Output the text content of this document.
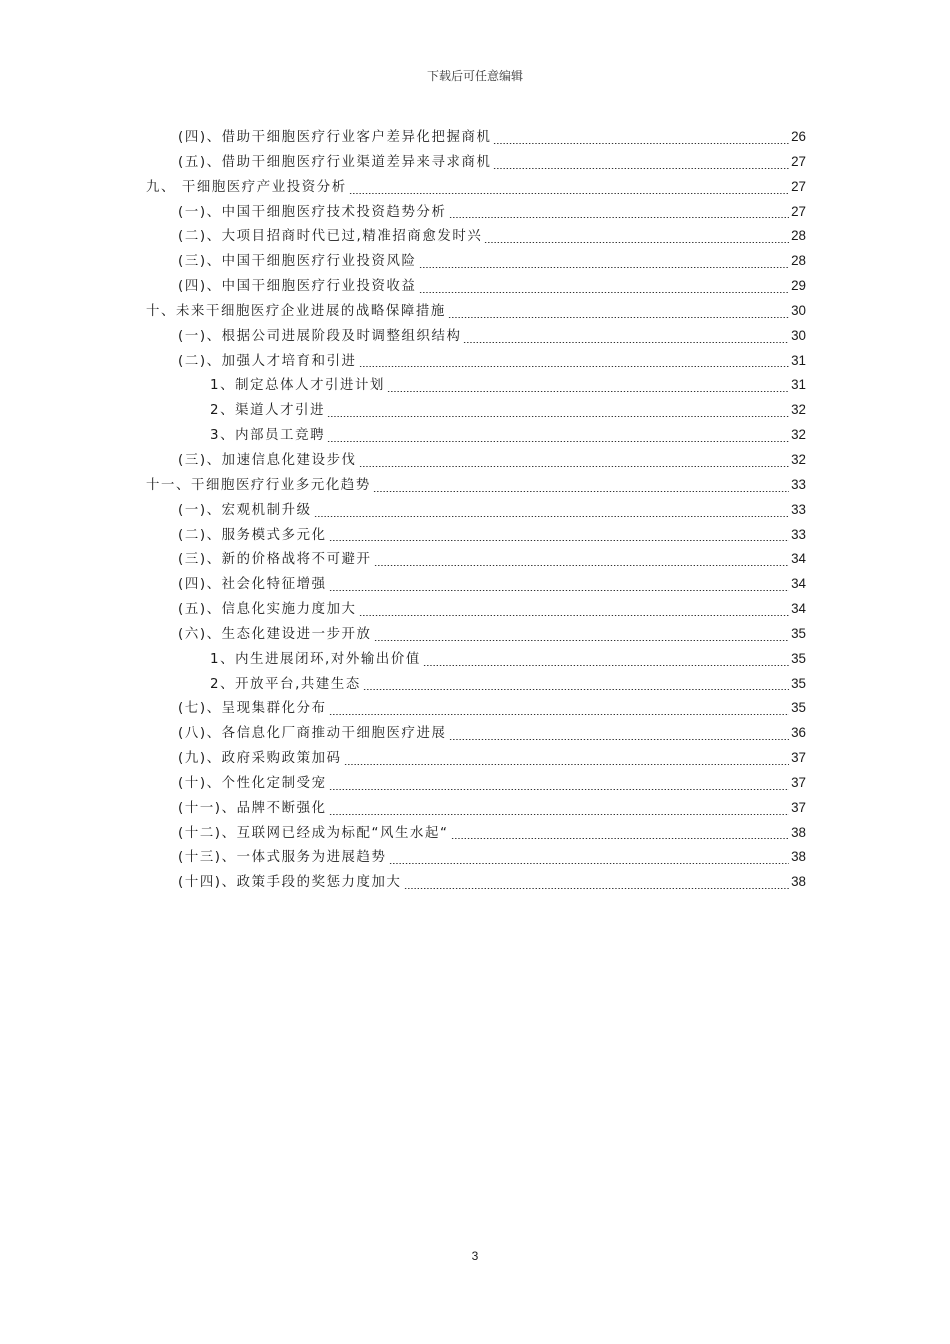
下载后可任意编辑
(四)、借助干细胞医疗行业客户差异化把握商机	26
(五)、借助干细胞医疗行业渠道差异来寻求商机	27
九、 干细胞医疗产业投资分析	27
(一)、中国干细胞医疗技术投资趋势分析	27
(二)、大项目招商时代已过,精准招商愈发时兴	28
(三)、中国干细胞医疗行业投资风险	28
(四)、中国干细胞医疗行业投资收益	29
十、未来干细胞医疗企业进展的战略保障措施	30
(一)、根据公司进展阶段及时调整组织结构	30
(二)、加强人才培育和引进	31
1、制定总体人才引进计划	31
2、渠道人才引进	32
3、内部员工竞聘	32
(三)、加速信息化建设步伐	32
十一、干细胞医疗行业多元化趋势	33
(一)、宏观机制升级	33
(二)、服务模式多元化	33
(三)、新的价格战将不可避开	34
(四)、社会化特征增强	34
(五)、信息化实施力度加大	34
(六)、生态化建设进一步开放	35
1、内生进展闭环,对外输出价值	35
2、开放平台,共建生态	35
(七)、呈现集群化分布	35
(八)、各信息化厂商推动干细胞医疗进展	36
(九)、政府采购政策加码	37
(十)、个性化定制受宠	37
(十一)、品牌不断强化	37
(十二)、互联网已经成为标配“风生水起“	38
(十三)、一体式服务为进展趋势	38
(十四)、政策手段的奖惩力度加大	38
3
